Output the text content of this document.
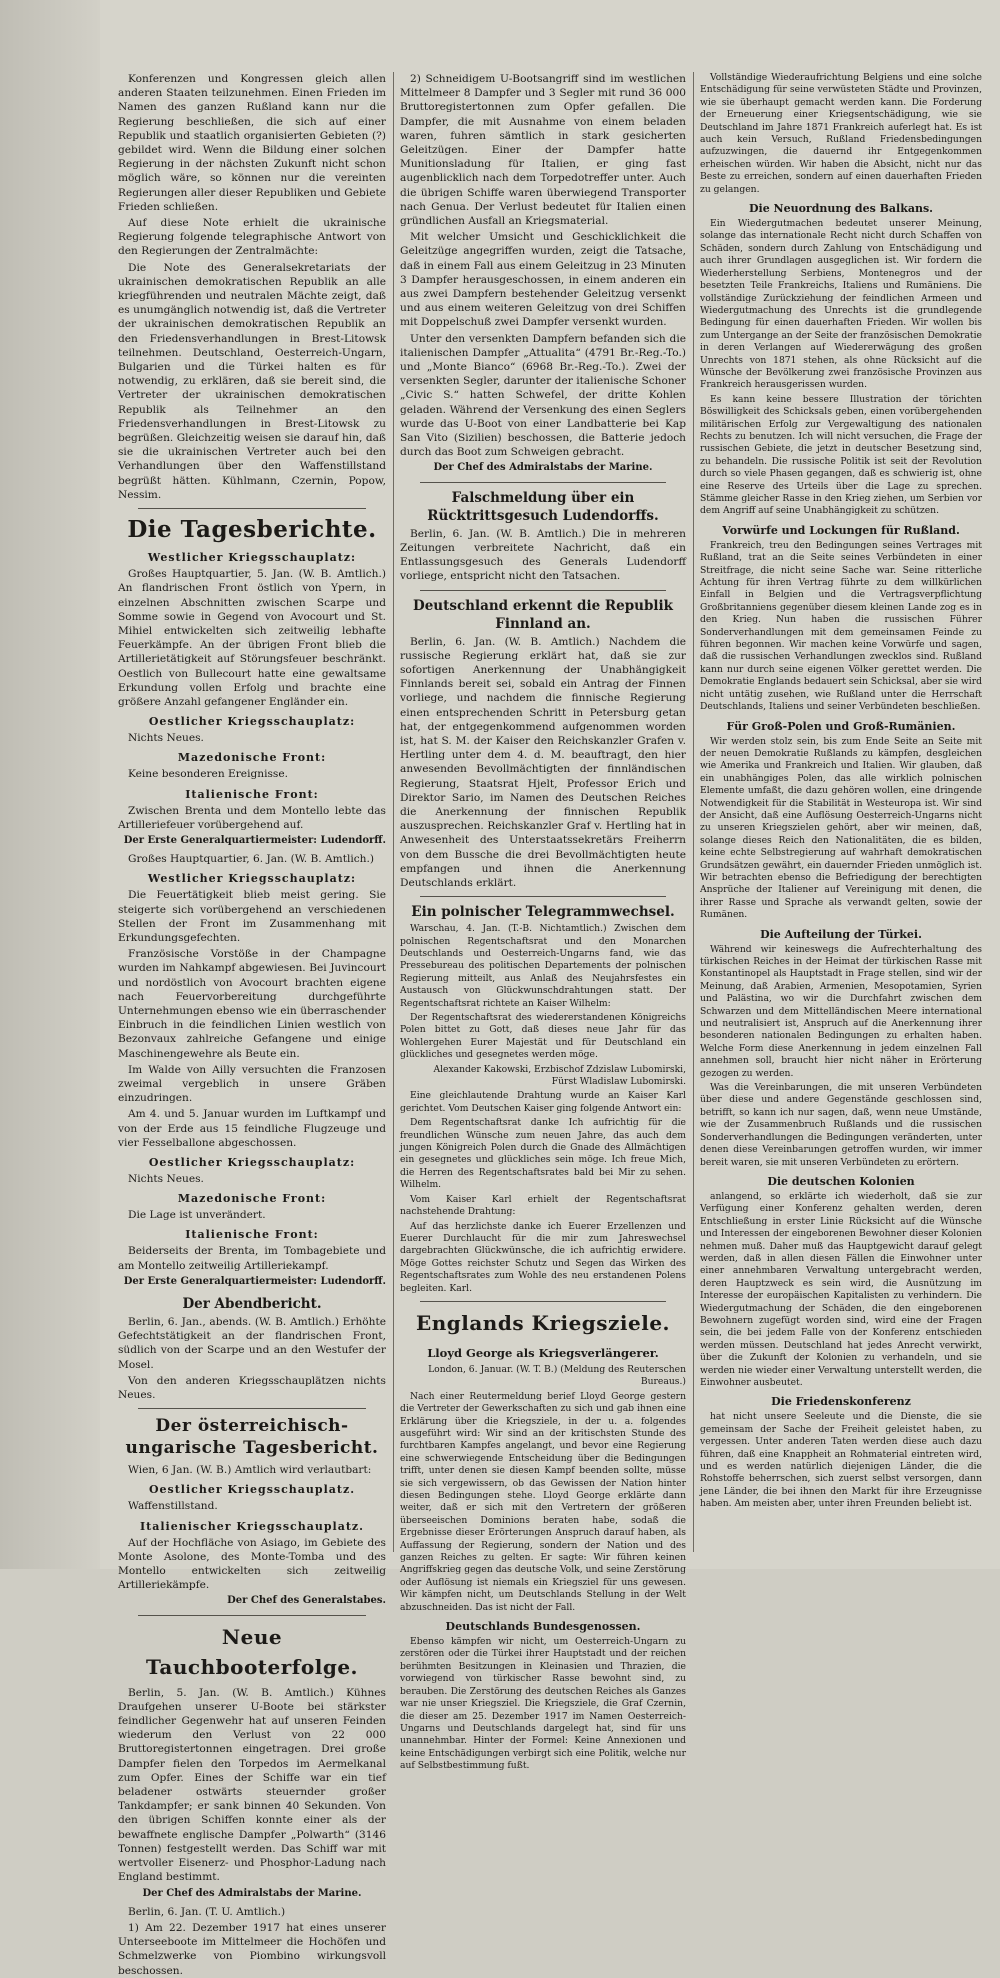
Konferenzen und Kongressen gleich allen anderen Staaten teilzunehmen. Einen Frieden im Namen des ganzen Rußland kann nur die Regierung beschließen, die sich auf einer Republik und staatlich organisierten Gebieten (?) gebildet wird. Wenn die Bildung einer solchen Regierung in der nächsten Zukunft nicht schon möglich wäre, so können nur die vereinten Regierungen aller dieser Republiken und Gebiete Frieden schließen.

Auf diese Note erhielt die ukrainische Regierung folgende telegraphische Antwort von den Regierungen der Zentralmächte:

Die Note des Generalsekretariats der ukrainischen demokratischen Republik an alle kriegführenden und neutralen Mächte zeigt, daß es unumgänglich notwendig ist, daß die Vertreter der ukrainischen demokratischen Republik an den Friedensverhandlungen in Brest-Litowsk teilnehmen. Deutschland, Oesterreich-Ungarn, Bulgarien und die Türkei halten es für notwendig, zu erklären, daß sie bereit sind, die Vertreter der ukrainischen demokratischen Republik als Teilnehmer an den Friedensverhandlungen in Brest-Litowsk zu begrüßen. Gleichzeitig weisen sie darauf hin, daß sie die ukrainischen Vertreter auch bei den Verhandlungen über den Waffenstillstand begrüßt hätten. Kühlmann, Czernin, Popow, Nessim.

Die Tagesberichte.
Westlicher Kriegsschauplatz:

Großes Hauptquartier, 5. Jan. (W. B. Amtlich.) An flandrischen Front östlich von Ypern, in einzelnen Abschnitten zwischen Scarpe und Somme sowie in Gegend von Avocourt und St. Mihiel entwickelten sich zeitweilig lebhafte Feuerkämpfe. An der übrigen Front blieb die Artillerietätigkeit auf Störungsfeuer beschränkt. Oestlich von Bullecourt hatte eine gewaltsame Erkundung vollen Erfolg und brachte eine größere Anzahl gefangener Engländer ein.

Oestlicher Kriegsschauplatz:

Nichts Neues.

Mazedonische Front:

Keine besonderen Ereignisse.

Italienische Front:

Zwischen Brenta und dem Montello lebte das Artilleriefeuer vorübergehend auf.

Der Erste Generalquartiermeister: Ludendorff.

Großes Hauptquartier, 6. Jan. (W. B. Amtlich.)

Westlicher Kriegsschauplatz:

Die Feuertätigkeit blieb meist gering. Sie steigerte sich vorübergehend an verschiedenen Stellen der Front im Zusammenhang mit Erkundungsgefechten.

Französische Vorstöße in der Champagne wurden im Nahkampf abgewiesen. Bei Juvincourt und nordöstlich von Avocourt brachten eigene nach Feuervorbereitung durchgeführte Unternehmungen ebenso wie ein überraschender Einbruch in die feindlichen Linien westlich von Bezonvaux zahlreiche Gefangene und einige Maschinengewehre als Beute ein.

Im Walde von Ailly versuchten die Franzosen zweimal vergeblich in unsere Gräben einzudringen.

Am 4. und 5. Januar wurden im Luftkampf und von der Erde aus 15 feindliche Flugzeuge und vier Fesselballone abgeschossen.

Oestlicher Kriegsschauplatz:

Nichts Neues.

Mazedonische Front:

Die Lage ist unverändert.

Italienische Front:

Beiderseits der Brenta, im Tombagebiete und am Montello zeitweilig Artilleriekampf.

Der Erste Generalquartiermeister: Ludendorff.
Der Abendbericht.

Berlin, 6. Jan., abends. (W. B. Amtlich.) Erhöhte Gefechtstätigkeit an der flandrischen Front, südlich von der Scarpe und an den Westufer der Mosel.

Von den anderen Kriegsschauplätzen nichts Neues.

Der österreichisch-ungarische Tagesbericht.

Wien, 6 Jan. (W. B.) Amtlich wird verlautbart:

Oestlicher Kriegsschauplatz.

Waffenstillstand.

Italienischer Kriegsschauplatz.

Auf der Hochfläche von Asiago, im Gebiete des Monte Asolone, des Monte-Tomba und des Montello entwickelten sich zeitweilig Artilleriekämpfe.

Der Chef des Generalstabes.
Neue Tauchbooterfolge.

Berlin, 5. Jan. (W. B. Amtlich.) Kühnes Draufgehen unserer U-Boote bei stärkster feindlicher Gegenwehr hat auf unseren Feinden wiederum den Verlust von 22 000 Bruttoregistertonnen eingetragen. Drei große Dampfer fielen den Torpedos im Aermelkanal zum Opfer. Eines der Schiffe war ein tief beladener ostwärts steuernder großer Tankdampfer; er sank binnen 40 Sekunden. Von den übrigen Schiffen konnte einer als der bewaffnete englische Dampfer „Polwarth“ (3146 Tonnen) festgestellt werden. Das Schiff war mit wertvoller Eisenerz- und Phosphor-Ladung nach England bestimmt.

Der Chef des Admiralstabs der Marine.

Berlin, 6. Jan. (T. U. Amtlich.)

1) Am 22. Dezember 1917 hat eines unserer Unterseeboote im Mittelmeer die Hochöfen und Schmelzwerke von Piombino wirkungsvoll beschossen.

2) Schneidigem U-Bootsangriff sind im westlichen Mittelmeer 8 Dampfer und 3 Segler mit rund 36 000 Bruttoregistertonnen zum Opfer gefallen. Die Dampfer, die mit Ausnahme von einem beladen waren, fuhren sämtlich in stark gesicherten Geleitzügen. Einer der Dampfer hatte Munitionsladung für Italien, er ging fast augenblicklich nach dem Torpedotreffer unter. Auch die übrigen Schiffe waren überwiegend Transporter nach Genua. Der Verlust bedeutet für Italien einen gründlichen Ausfall an Kriegsmaterial.

Mit welcher Umsicht und Geschicklichkeit die Geleitzüge angegriffen wurden, zeigt die Tatsache, daß in einem Fall aus einem Geleitzug in 23 Minuten 3 Dampfer herausgeschossen, in einem anderen ein aus zwei Dampfern bestehender Geleitzug versenkt und aus einem weiteren Geleitzug von drei Schiffen mit Doppelschuß zwei Dampfer versenkt wurden.

Unter den versenkten Dampfern befanden sich die italienischen Dampfer „Attualita“ (4791 Br.-Reg.-To.) und „Monte Bianco“ (6968 Br.-Reg.-To.). Zwei der versenkten Segler, darunter der italienische Schoner „Civic S.“ hatten Schwefel, der dritte Kohlen geladen. Während der Versenkung des einen Seglers wurde das U-Boot von einer Landbatterie bei Kap San Vito (Sizilien) beschossen, die Batterie jedoch durch das Boot zum Schweigen gebracht.

Der Chef des Admiralstabs der Marine.
Falschmeldung über ein Rücktrittsgesuch Ludendorffs.

Berlin, 6. Jan. (W. B. Amtlich.) Die in mehreren Zeitungen verbreitete Nachricht, daß ein Entlassungsgesuch des Generals Ludendorff vorliege, entspricht nicht den Tatsachen.

Deutschland erkennt die Republik Finnland an.

Berlin, 6. Jan. (W. B. Amtlich.) Nachdem die russische Regierung erklärt hat, daß sie zur sofortigen Anerkennung der Unabhängigkeit Finnlands bereit sei, sobald ein Antrag der Finnen vorliege, und nachdem die finnische Regierung einen entsprechenden Schritt in Petersburg getan hat, der entgegenkommend aufgenommen worden ist, hat S. M. der Kaiser den Reichskanzler Grafen v. Hertling unter dem 4. d. M. beauftragt, den hier anwesenden Bevollmächtigten der finnländischen Regierung, Staatsrat Hjelt, Professor Erich und Direktor Sario, im Namen des Deutschen Reiches die Anerkennung der finnischen Republik auszusprechen. Reichskanzler Graf v. Hertling hat in Anwesenheit des Unterstaatssekretärs Freiherrn von dem Bussche die drei Bevollmächtigten heute empfangen und ihnen die Anerkennung Deutschlands erklärt.

Ein polnischer Telegrammwechsel.

Warschau, 4. Jan. (T.-B. Nichtamtlich.) Zwischen dem polnischen Regentschaftsrat und den Monarchen Deutschlands und Oesterreich-Ungarns fand, wie das Pressebureau des politischen Departements der polnischen Regierung mitteilt, aus Anlaß des Neujahrsfestes ein Austausch von Glückwunschdrahtungen statt. Der Regentschaftsrat richtete an Kaiser Wilhelm:

Der Regentschaftsrat des wiedererstandenen Königreichs Polen bittet zu Gott, daß dieses neue Jahr für das Wohlergehen Eurer Majestät und für Deutschland ein glückliches und gesegnetes werden möge.

Alexander Kakowski, Erzbischof Zdzislaw Lubomirski, Fürst Wladislaw Lubomirski.

Eine gleichlautende Drahtung wurde an Kaiser Karl gerichtet. Vom Deutschen Kaiser ging folgende Antwort ein:

Dem Regentschaftsrat danke Ich aufrichtig für die freundlichen Wünsche zum neuen Jahre, das auch dem jungen Königreich Polen durch die Gnade des Allmächtigen ein gesegnetes und glückliches sein möge. Ich freue Mich, die Herren des Regentschaftsrates bald bei Mir zu sehen. Wilhelm.

Vom Kaiser Karl erhielt der Regentschaftsrat nachstehende Drahtung:

Auf das herzlichste danke ich Euerer Erzellenzen und Euerer Durchlaucht für die mir zum Jahreswechsel dargebrachten Glückwünsche, die ich aufrichtig erwidere. Möge Gottes reichster Schutz und Segen das Wirken des Regentschaftsrates zum Wohle des neu erstandenen Polens begleiten. Karl.

Englands Kriegsziele.
Lloyd George als Kriegsverlängerer.

London, 6. Januar. (W. T. B.) (Meldung des Reuterschen Bureaus.)

Nach einer Reutermeldung berief Lloyd George gestern die Vertreter der Gewerkschaften zu sich und gab ihnen eine Erklärung über die Kriegsziele, in der u. a. folgendes ausgeführt wird: Wir sind an der kritischsten Stunde des furchtbaren Kampfes angelangt, und bevor eine Regierung eine schwerwiegende Entscheidung über die Bedingungen trifft, unter denen sie diesen Kampf beenden sollte, müsse sie sich vergewissern, ob das Gewissen der Nation hinter diesen Bedingungen stehe. Lloyd George erklärte dann weiter, daß er sich mit den Vertretern der größeren überseeischen Dominions beraten habe, sodaß die Ergebnisse dieser Erörterungen Anspruch darauf haben, als Auffassung der Regierung, sondern der Nation und des ganzen Reiches zu gelten. Er sagte: Wir führen keinen Angriffskrieg gegen das deutsche Volk, und seine Zerstörung oder Auflösung ist niemals ein Kriegsziel für uns gewesen. Wir kämpfen nicht, um Deutschlands Stellung in der Welt abzuschneiden. Das ist nicht der Fall.

Deutschlands Bundesgenossen.

Ebenso kämpfen wir nicht, um Oesterreich-Ungarn zu zerstören oder die Türkei ihrer Hauptstadt und der reichen berühmten Besitzungen in Kleinasien und Thrazien, die vorwiegend von türkischer Rasse bewohnt sind, zu berauben. Die Zerstörung des deutschen Reiches als Ganzes war nie unser Kriegsziel. Die Kriegsziele, die Graf Czernin, die dieser am 25. Dezember 1917 im Namen Oesterreich-Ungarns und Deutschlands dargelegt hat, sind für uns unannehmbar. Hinter der Formel: Keine Annexionen und keine Entschädigungen verbirgt sich eine Politik, welche nur auf Selbstbestimmung fußt.

Vollständige Wiederaufrichtung Belgiens und eine solche Entschädigung für seine verwüsteten Städte und Provinzen, wie sie überhaupt gemacht werden kann. Die Forderung der Erneuerung einer Kriegsentschädigung, wie sie Deutschland im Jahre 1871 Frankreich auferlegt hat. Es ist auch kein Versuch, Rußland Friedensbedingungen aufzuzwingen, die dauernd ihr Entgegenkommen erheischen würden. Wir haben die Absicht, nicht nur das Beste zu erreichen, sondern auf einen dauerhaften Frieden zu gelangen.

Die Neuordnung des Balkans.

Ein Wiedergutmachen bedeutet unserer Meinung, solange das internationale Recht nicht durch Schaffen von Schäden, sondern durch Zahlung von Entschädigung und auch ihrer Grundlagen ausgeglichen ist. Wir fordern die Wiederherstellung Serbiens, Montenegros und der besetzten Teile Frankreichs, Italiens und Rumäniens. Die vollständige Zurückziehung der feindlichen Armeen und Wiedergutmachung des Unrechts ist die grundlegende Bedingung für einen dauerhaften Frieden. Wir wollen bis zum Untergange an der Seite der französischen Demokratie in deren Verlangen auf Wiedererwägung des großen Unrechts von 1871 stehen, als ohne Rücksicht auf die Wünsche der Bevölkerung zwei französische Provinzen aus Frankreich herausgerissen wurden.

Es kann keine bessere Illustration der törichten Böswilligkeit des Schicksals geben, einen vorübergehenden militärischen Erfolg zur Vergewaltigung des nationalen Rechts zu benutzen. Ich will nicht versuchen, die Frage der russischen Gebiete, die jetzt in deutscher Besetzung sind, zu behandeln. Die russische Politik ist seit der Revolution durch so viele Phasen gegangen, daß es schwierig ist, ohne eine Reserve des Urteils über die Lage zu sprechen. Stämme gleicher Rasse in den Krieg ziehen, um Serbien vor dem Angriff auf seine Unabhängigkeit zu schützen.

Vorwürfe und Lockungen für Rußland.

Frankreich, treu den Bedingungen seines Vertrages mit Rußland, trat an die Seite seines Verbündeten in einer Streitfrage, die nicht seine Sache war. Seine ritterliche Achtung für ihren Vertrag führte zu dem willkürlichen Einfall in Belgien und die Vertragsverpflichtung Großbritanniens gegenüber diesem kleinen Lande zog es in den Krieg. Nun haben die russischen Führer Sonderverhandlungen mit dem gemeinsamen Feinde zu führen begonnen. Wir machen keine Vorwürfe und sagen, daß die russischen Verhandlungen zwecklos sind. Rußland kann nur durch seine eigenen Völker gerettet werden. Die Demokratie Englands bedauert sein Schicksal, aber sie wird nicht untätig zusehen, wie Rußland unter die Herrschaft Deutschlands, Italiens und seiner Verbündeten beschließen.

Für Groß-Polen und Groß-Rumänien.

Wir werden stolz sein, bis zum Ende Seite an Seite mit der neuen Demokratie Rußlands zu kämpfen, desgleichen wie Amerika und Frankreich und Italien. Wir glauben, daß ein unabhängiges Polen, das alle wirklich polnischen Elemente umfaßt, die dazu gehören wollen, eine dringende Notwendigkeit für die Stabilität in Westeuropa ist. Wir sind der Ansicht, daß eine Auflösung Oesterreich-Ungarns nicht zu unseren Kriegszielen gehört, aber wir meinen, daß, solange dieses Reich den Nationalitäten, die es bilden, keine echte Selbstregierung auf wahrhaft demokratischen Grundsätzen gewährt, ein dauernder Frieden unmöglich ist. Wir betrachten ebenso die Befriedigung der berechtigten Ansprüche der Italiener auf Vereinigung mit denen, die ihrer Rasse und Sprache als verwandt gelten, sowie der Rumänen.

Die Aufteilung der Türkei.

Während wir keineswegs die Aufrechterhaltung des türkischen Reiches in der Heimat der türkischen Rasse mit Konstantinopel als Hauptstadt in Frage stellen, sind wir der Meinung, daß Arabien, Armenien, Mesopotamien, Syrien und Palästina, wo wir die Durchfahrt zwischen dem Schwarzen und dem Mittelländischen Meere international und neutralisiert ist, Anspruch auf die Anerkennung ihrer besonderen nationalen Bedingungen zu erhalten haben. Welche Form diese Anerkennung in jedem einzelnen Fall annehmen soll, braucht hier nicht näher in Erörterung gezogen zu werden.

Was die Vereinbarungen, die mit unseren Verbündeten über diese und andere Gegenstände geschlossen sind, betrifft, so kann ich nur sagen, daß, wenn neue Umstände, wie der Zusammenbruch Rußlands und die russischen Sonderverhandlungen die Bedingungen veränderten, unter denen diese Vereinbarungen getroffen wurden, wir immer bereit waren, sie mit unseren Verbündeten zu erörtern.

Die deutschen Kolonien

anlangend, so erklärte ich wiederholt, daß sie zur Verfügung einer Konferenz gehalten werden, deren Entschließung in erster Linie Rücksicht auf die Wünsche und Interessen der eingeborenen Bewohner dieser Kolonien nehmen muß. Daher muß das Hauptgewicht darauf gelegt werden, daß in allen diesen Fällen die Einwohner unter einer annehmbaren Verwaltung untergebracht werden, deren Hauptzweck es sein wird, die Ausnützung im Interesse der europäischen Kapitalisten zu verhindern. Die Wiedergutmachung der Schäden, die den eingeborenen Bewohnern zugefügt worden sind, wird eine der Fragen sein, die bei jedem Falle von der Konferenz entschieden werden müssen. Deutschland hat jedes Anrecht verwirkt, über die Zukunft der Kolonien zu verhandeln, und sie werden nie wieder einer Verwaltung unterstellt werden, die Einwohner ausbeutet.

Die Friedenskonferenz

hat nicht unsere Seeleute und die Dienste, die sie gemeinsam der Sache der Freiheit geleistet haben, zu vergessen. Unter anderen Taten werden diese auch dazu führen, daß eine Knappheit an Rohmaterial eintreten wird, und es werden natürlich diejenigen Länder, die die Rohstoffe beherrschen, sich zuerst selbst versorgen, dann jene Länder, die bei ihnen den Markt für ihre Erzeugnisse haben. Am meisten aber, unter ihren Freunden beliebt ist.
